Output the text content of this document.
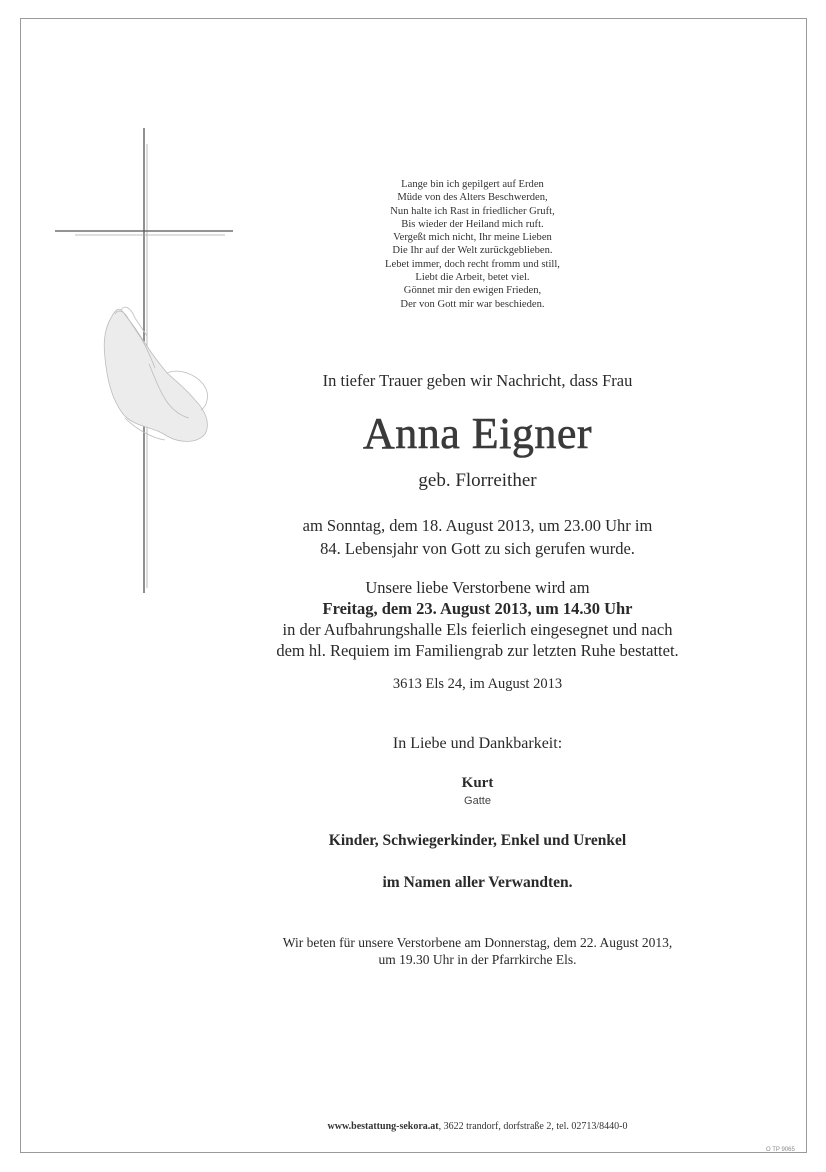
Lange bin ich gepilgert auf Erden
Müde von des Alters Beschwerden,
Nun halte ich Rast in friedlicher Gruft,
Bis wieder der Heiland mich ruft.
Vergeßt mich nicht, Ihr meine Lieben
Die Ihr auf der Welt zurückgeblieben.
Lebet immer, doch recht fromm und still,
Liebt die Arbeit, betet viel.
Gönnet mir den ewigen Frieden,
Der von Gott mir war beschieden.
In tiefer Trauer geben wir Nachricht, dass Frau
Anna Eigner
geb. Florreither
am Sonntag, dem 18. August 2013, um 23.00 Uhr im
84. Lebensjahr von Gott zu sich gerufen wurde.
Unsere liebe Verstorbene wird am
Freitag, dem 23. August 2013, um 14.30 Uhr
in der Aufbahrungshalle Els feierlich eingesegnet und nach
dem hl. Requiem im Familiengrab zur letzten Ruhe bestattet.
3613 Els 24, im August 2013
In Liebe und Dankbarkeit:
Kurt
Gatte
Kinder, Schwiegerkinder, Enkel und Urenkel
im Namen aller Verwandten.
Wir beten für unsere Verstorbene am Donnerstag, dem 22. August 2013,
um 19.30 Uhr in der Pfarrkirche Els.
www.bestattung-sekora.at, 3622 trandorf, dorfstraße 2, tel. 02713/8440-0
O TP 9065
